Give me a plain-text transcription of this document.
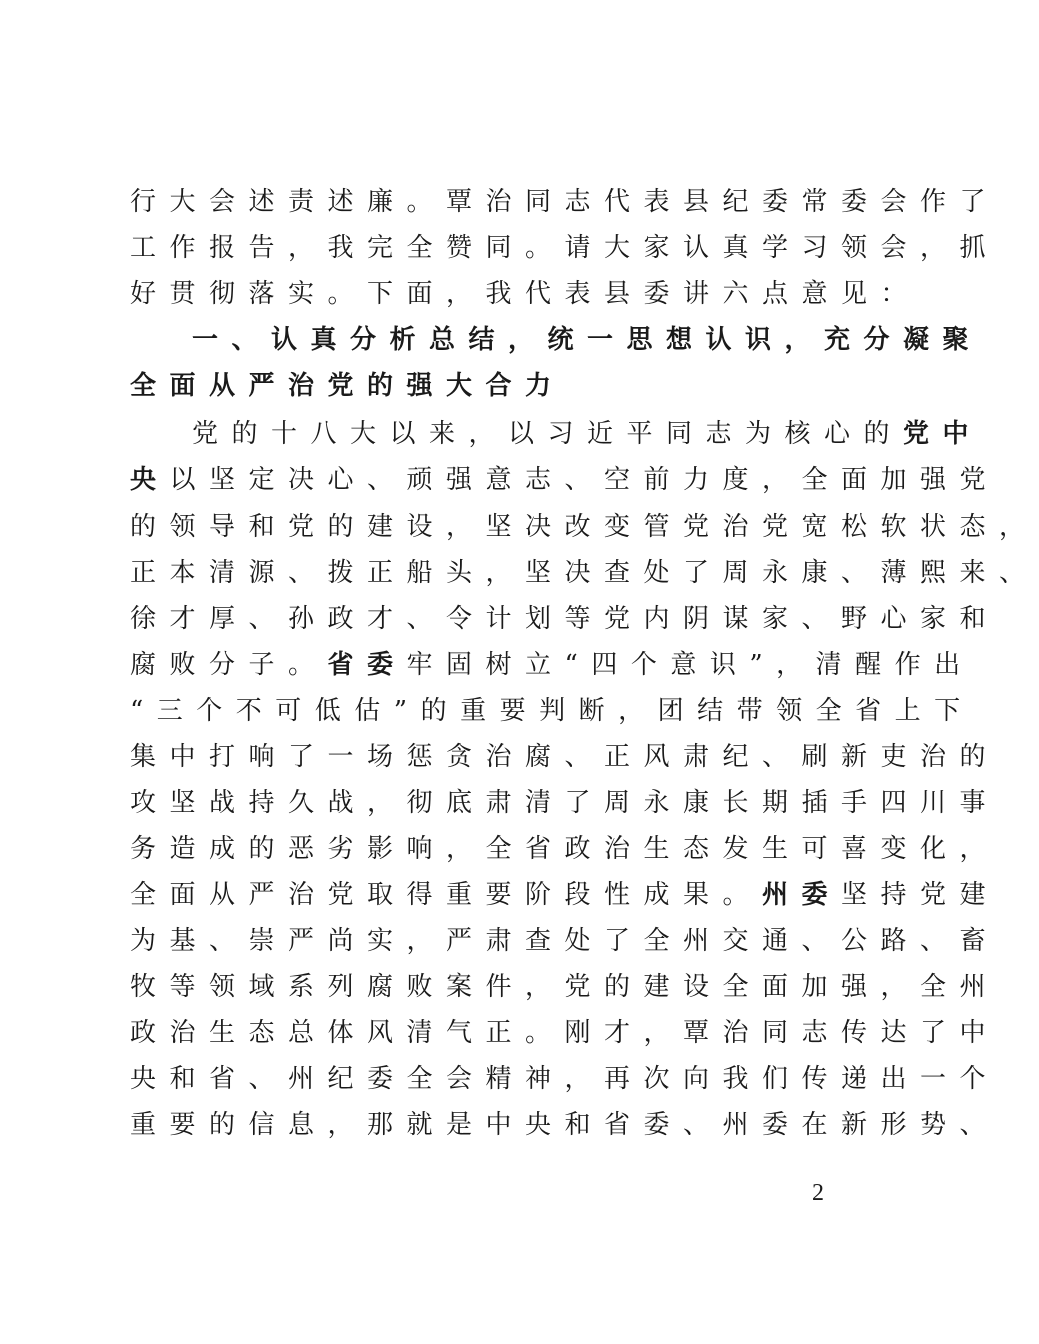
行大会述责述廉。覃治同志代表县纪委常委会作了
工作报告，我完全赞同。请大家认真学习领会，抓
好贯彻落实。下面，我代表县委讲六点意见：
一、认真分析总结，统一思想认识，充分凝聚
全面从严治党的强大合力
党的十八大以来，以习近平同志为核心的党中
央以坚定决心、顽强意志、空前力度，全面加强党
的领导和党的建设，坚决改变管党治党宽松软状态，
正本清源、拨正船头，坚决查处了周永康、薄熙来、
徐才厚、孙政才、令计划等党内阴谋家、野心家和
腐败分子。省委牢固树立“四个意识”，清醒作出
“三个不可低估”的重要判断，团结带领全省上下
集中打响了一场惩贪治腐、正风肃纪、刷新吏治的
攻坚战持久战，彻底肃清了周永康长期插手四川事
务造成的恶劣影响，全省政治生态发生可喜变化，
全面从严治党取得重要阶段性成果。州委坚持党建
为基、崇严尚实，严肃查处了全州交通、公路、畜
牧等领域系列腐败案件，党的建设全面加强，全州
政治生态总体风清气正。刚才，覃治同志传达了中
央和省、州纪委全会精神，再次向我们传递出一个
重要的信息，那就是中央和省委、州委在新形势、
2
